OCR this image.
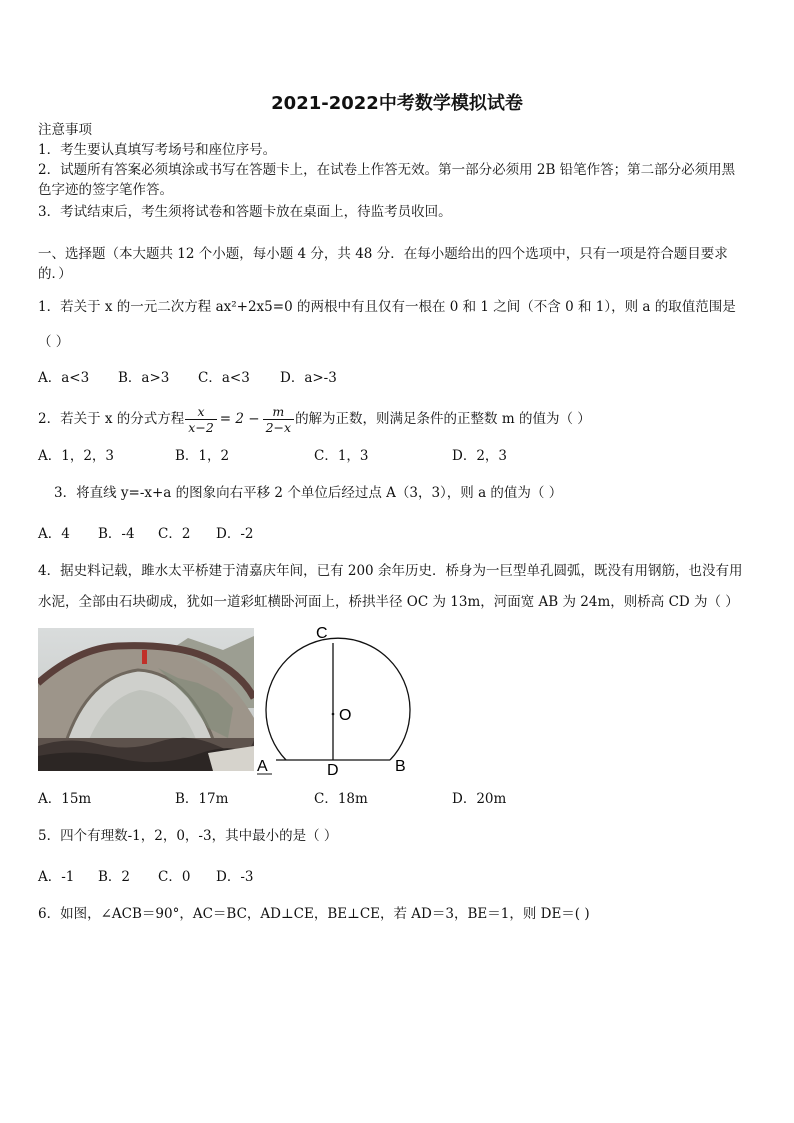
2021-2022中考数学模拟试卷
注意事项
1．考生要认真填写考场号和座位序号。
2．试题所有答案必须填涂或书写在答题卡上，在试卷上作答无效。第一部分必须用 2B 铅笔作答；第二部分必须用黑
色字迹的签字笔作答。
3．考试结束后，考生须将试卷和答题卡放在桌面上，待监考员收回。
一、选择题（本大题共 12 个小题，每小题 4 分，共 48 分．在每小题给出的四个选项中，只有一项是符合题目要求
的．）
1．若关于 x 的一元二次方程 ax²+2x5=0 的两根中有且仅有一根在 0 和 1 之间（不含 0 和 1），则 a 的取值范围是
（ ）
A．a<3 B．a>3 C．a<3 D．a>-3
2．若关于 x 的分式方程 $\frac{x}{x-2} = 2 - \frac{m}{2-x}$ 的解为正数，则满足条件的正整数 m 的值为（ ）
A．1，2，3	B．1，2	C．1，3	D．2，3
3．将直线 y=-x+a 的图象向右平移 2 个单位后经过点 A（3，3），则 a 的值为（ ）
A．4 B．-4 C．2 D．-2
4．据史料记载，雎水太平桥建于清嘉庆年间，已有 200 余年历史．桥身为一巨型单孔圆弧，既没有用钢筋，也没有用
水泥，全部由石块砌成，犹如一道彩虹横卧河面上，桥拱半径 OC 为 13m，河面宽 AB 为 24m，则桥高 CD 为（ ）
C
O
A	D	B
A．15m	B．17m	C．18m	D．20m
5．四个有理数-1，2，0，-3，其中最小的是（ ）
A．-1 B．2 C．0 D．-3
6．如图，∠ACB＝90°，AC＝BC，AD⊥CE，BE⊥CE，若 AD＝3，BE＝1，则 DE＝( )
